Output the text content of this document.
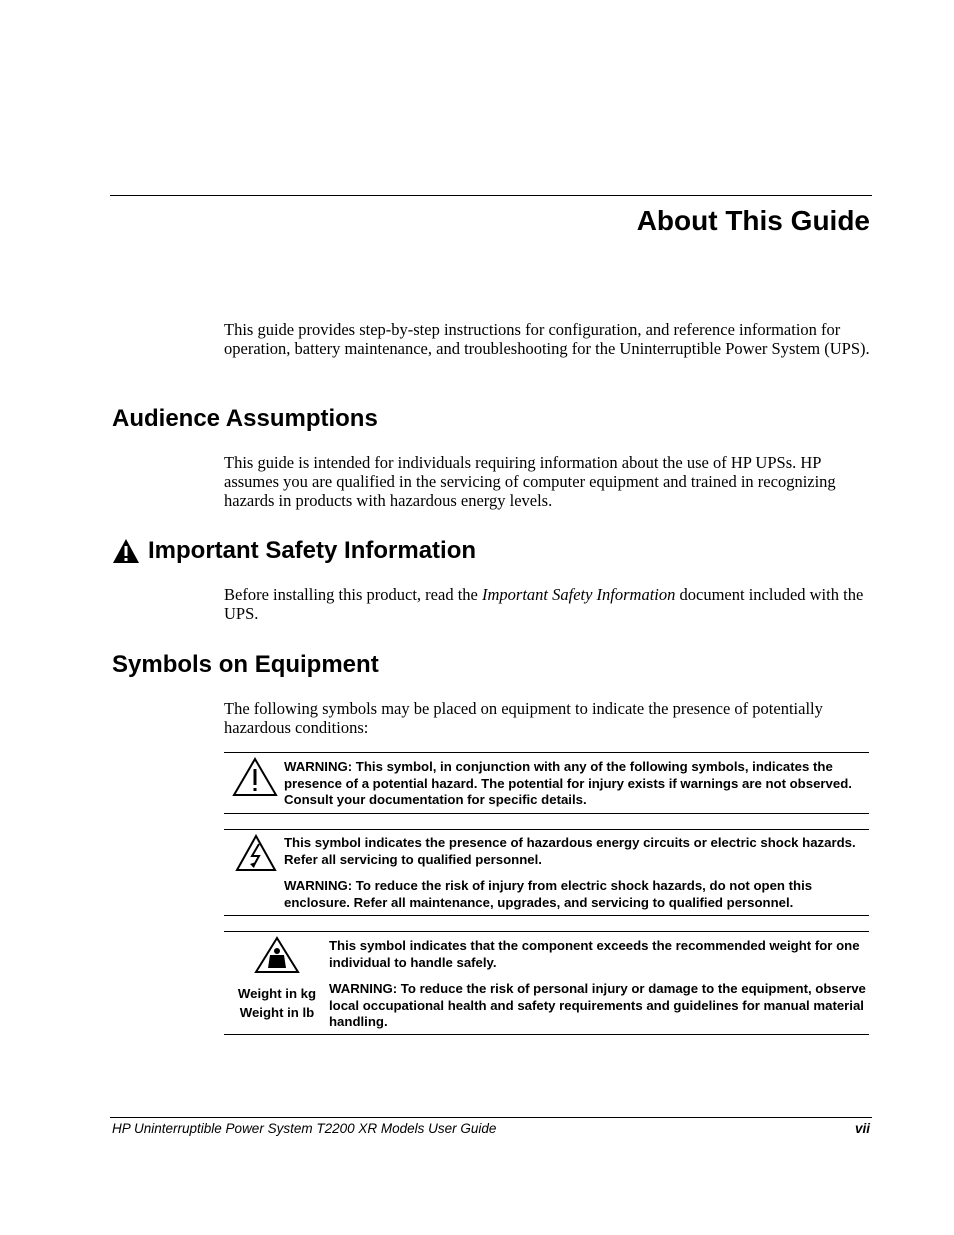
About This Guide

This guide provides step-by-step instructions for configuration, and reference information for operation, battery maintenance, and troubleshooting for the Uninterruptible Power System (UPS).

Audience Assumptions

This guide is intended for individuals requiring information about the use of HP UPSs. HP assumes you are qualified in the servicing of computer equipment and trained in recognizing hazards in products with hazardous energy levels.

Important Safety Information

Before installing this product, read the Important Safety Information document included with the UPS.

Symbols on Equipment

The following symbols may be placed on equipment to indicate the presence of potentially hazardous conditions:

WARNING: This symbol, in conjunction with any of the following symbols, indicates the presence of a potential hazard. The potential for injury exists if warnings are not observed. Consult your documentation for specific details.

This symbol indicates the presence of hazardous energy circuits or electric shock hazards. Refer all servicing to qualified personnel.

WARNING: To reduce the risk of injury from electric shock hazards, do not open this enclosure. Refer all maintenance, upgrades, and servicing to qualified personnel.

Weight in kg
Weight in lb

This symbol indicates that the component exceeds the recommended weight for one individual to handle safely.

WARNING: To reduce the risk of personal injury or damage to the equipment, observe local occupational health and safety requirements and guidelines for manual material handling.

HP Uninterruptible Power System T2200 XR Models User Guide	vii
